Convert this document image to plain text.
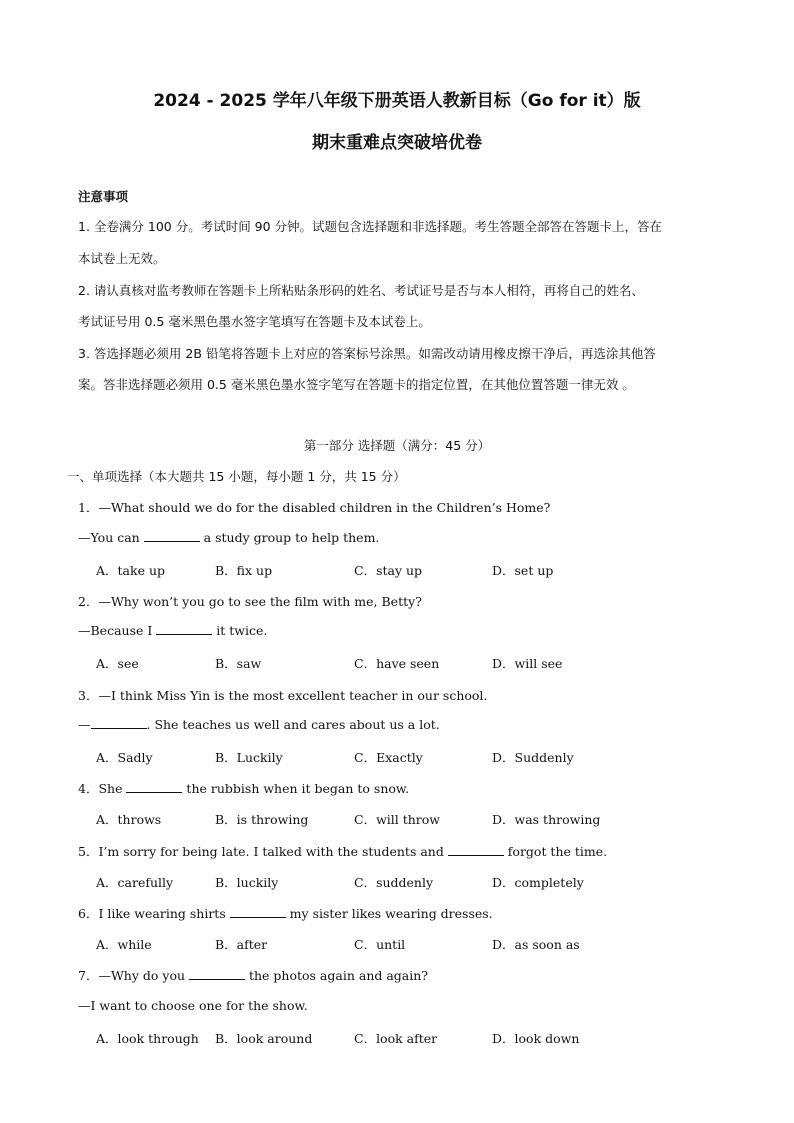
2024 - 2025 学年八年级下册英语人教新目标（Go for it）版
期末重难点突破培优卷
注意事项
1. 全卷满分 100 分。考试时间 90 分钟。试题包含选择题和非选择题。考生答题全部答在答题卡上，答在
本试卷上无效。
2. 请认真核对监考教师在答题卡上所粘贴条形码的姓名、考试证号是否与本人相符，再将自己的姓名、
考试证号用 0.5 毫米黑色墨水签字笔填写在答题卡及本试卷上。
3. 答选择题必须用 2B 铅笔将答题卡上对应的答案标号涂黑。如需改动请用橡皮擦干净后，再选涂其他答
案。答非选择题必须用 0.5 毫米黑色墨水签字笔写在答题卡的指定位置，在其他位置答题一律无效 。
第一部分 选择题（满分：45 分）
一、单项选择（本大题共 15 小题，每小题 1 分，共 15 分）
1．—What should we do for the disabled children in the Children’s Home?
—You can	a study group to help them.
A．take up	B．fix up	C．stay up	D．set up
2．—Why won’t you go to see the film with me, Betty?
—Because I	it twice.
A．see	B．saw	C．have seen	D．will see
3．—I think Miss Yin is the most excellent teacher in our school.
—	. She teaches us well and cares about us a lot.
A．Sadly	B．Luckily	C．Exactly	D．Suddenly
4．She	the rubbish when it began to snow.
A．throws	B．is throwing	C．will throw	D．was throwing
5．I’m sorry for being late. I talked with the students and	forgot the time.
A．carefully	B．luckily	C．suddenly	D．completely
6．I like wearing shirts	my sister likes wearing dresses.
A．while	B．after	C．until	D．as soon as
7．—Why do you	the photos again and again?
—I want to choose one for the show.
A．look through B．look around	C．look after	D．look down
